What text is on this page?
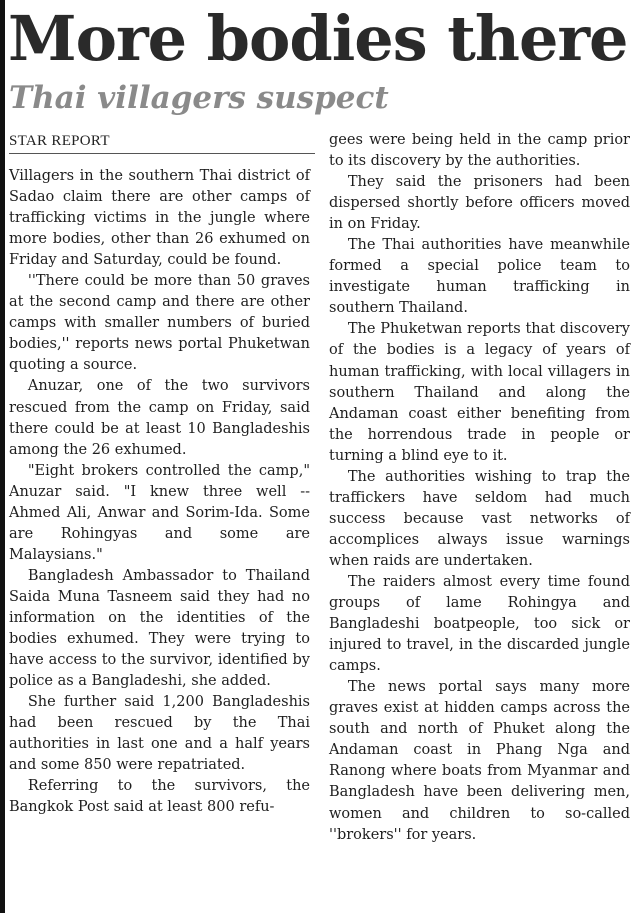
More bodies there
Thai villagers suspect
STAR REPORT

Villagers in the southern Thai district of Sadao claim there are other camps of trafficking victims in the jungle where more bodies, other than 26 exhumed on Friday and Saturday, could be found.

''There could be more than 50 graves at the second camp and there are other camps with smaller numbers of buried bodies,'' reports news portal Phuketwan quoting a source.

Anuzar, one of the two survivors rescued from the camp on Friday, said there could be at least 10 Bangladeshis among the 26 exhumed.

"Eight brokers controlled the camp," Anuzar said. "I knew three well -- Ahmed Ali, Anwar and Sorim-Ida. Some are Rohingyas and some are Malaysians."

Bangladesh Ambassador to Thailand Saida Muna Tasneem said they had no information on the identities of the bodies exhumed. They were trying to have access to the survivor, identified by police as a Bangladeshi, she added.

She further said 1,200 Bangladeshis had been rescued by the Thai authorities in last one and a half years and some 850 were repatriated.

Referring to the survivors, the Bangkok Post said at least 800 refu-

gees were being held in the camp prior to its discovery by the authorities.

They said the prisoners had been dispersed shortly before officers moved in on Friday.

The Thai authorities have meanwhile formed a special police team to investigate human trafficking in southern Thailand.

The Phuketwan reports that discovery of the bodies is a legacy of years of human trafficking, with local villagers in southern Thailand and along the Andaman coast either benefiting from the horrendous trade in people or turning a blind eye to it.

The authorities wishing to trap the traffickers have seldom had much success because vast networks of accomplices always issue warnings when raids are undertaken.

The raiders almost every time found groups of lame Rohingya and Bangladeshi boatpeople, too sick or injured to travel, in the discarded jungle camps.

The news portal says many more graves exist at hidden camps across the south and north of Phuket along the Andaman coast in Phang Nga and Ranong where boats from Myanmar and Bangladesh have been delivering men, women and children to so-called ''brokers'' for years.
